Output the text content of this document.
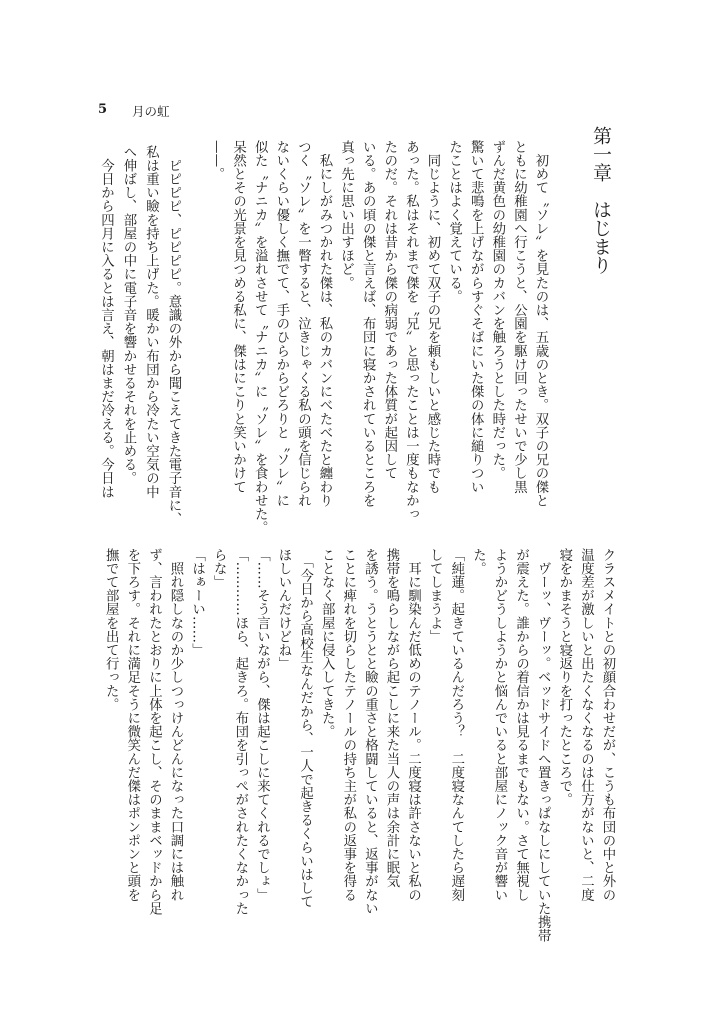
5 月の虹
第一章　はじまり
　初めて〝ソレ〟を見たのは、五歳のとき。双子の兄の傑と
ともに幼稚園へ行こうと、公園を駆け回ったせいで少し黒
ずんだ黄色の幼稚園のカバンを触ろうとした時だった。
驚いて悲鳴を上げながらすぐそばにいた傑の体に縋りつい
たことはよく覚えている。
　同じように、初めて双子の兄を頼もしいと感じた時でも
あった。私はそれまで傑を〝兄〟と思ったことは一度もなかっ
たのだ。それは昔から傑の病弱であった体質が起因して
いる。あの頃の傑と言えば、布団に寝かされているところを
真っ先に思い出すほど。
　私にしがみつかれた傑は、私のカバンにべたべたと纏わり
つく〝ソレ〟を一瞥すると、泣きじゃくる私の頭を信じられ
ないくらい優しく撫でて、手のひらからどろりと〝ソレ〟に
似た〝ナニカ〟を溢れさせて〝ナニカ〟に〝ソレ〟を食わせた。
呆然とその光景を見つめる私に、傑はにこりと笑いかけて
——。
　ピピピピ、ピピピピ。意識の外から聞こえてきた電子音に、
私は重い瞼を持ち上げた。暖かい布団から冷たい空気の中
へ伸ばし、部屋の中に電子音を響かせるそれを止める。
　今日から四月に入るとは言え、朝はまだ冷える。今日は
クラスメイトとの初顔合わせだが、こうも布団の中と外の
温度差が激しいと出たくなくなるのは仕方がないと、二度
寝をかまそうと寝返りを打ったところで。
　ヴーッ、ヴーッ。ベッドサイドへ置きっぱなしにしていた携帯
が震えた。誰からの着信かは見るまでもない。さて無視し
ようかどうしようかと悩んでいると部屋にノック音が響い
た。
「純蓮。起きているんだろう？　二度寝なんてしたら遅刻
してしまうよ」
　耳に馴染んだ低めのテノール。二度寝は許さないと私の
携帯を鳴らしながら起こしに来た当人の声は余計に眠気
を誘う。うとうとと瞼の重さと格闘していると、返事がない
ことに痺れを切らしたテノールの持ち主が私の返事を得る
ことなく部屋に侵入してきた。
　「今日から高校生なんだから、一人で起きるくらいはして
ほしいんだけどね」
「……そう言いながら、傑は起こしに来てくれるでしょ」
「…………ほら、起きろ。布団を引っぺがされたくなかった
らな」
「はぁーい……」
　照れ隠しなのか少しつっけんどんになった口調には触れ
ず、言われたとおりに上体を起こし、そのままベッドから足
を下ろす。それに満足そうに微笑んだ傑はポンポンと頭を
撫でて部屋を出て行った。
